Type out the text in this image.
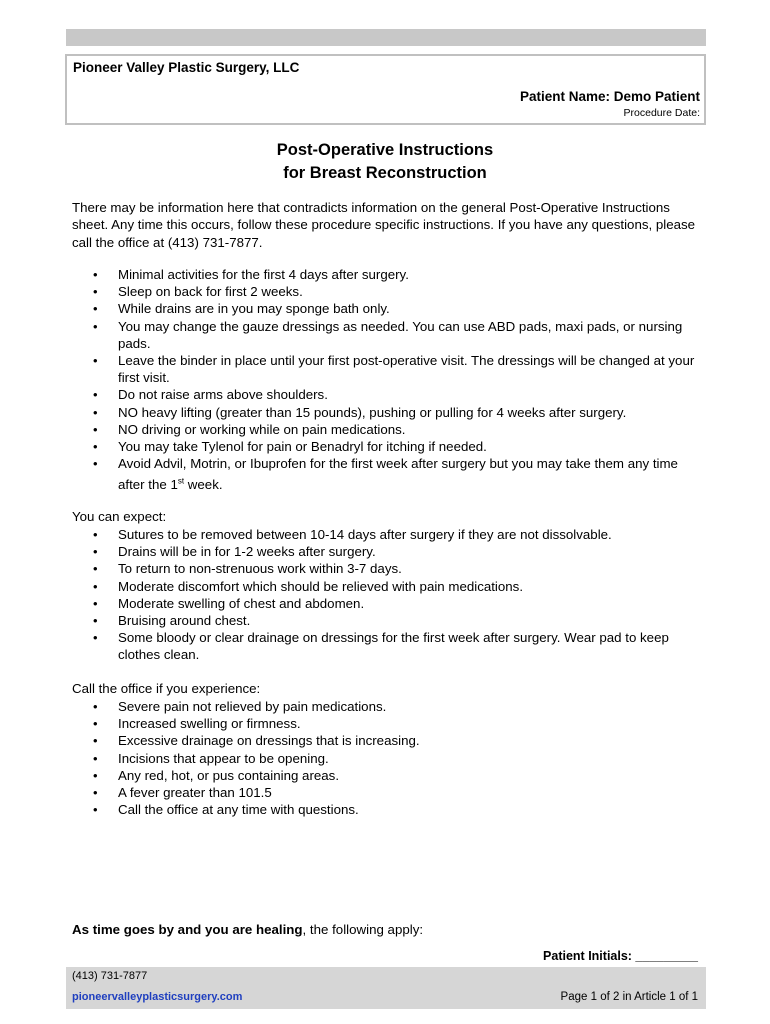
Pioneer Valley Plastic Surgery, LLC
Patient Name: Demo Patient
Procedure Date:
Post-Operative Instructions
for Breast Reconstruction
There may be information here that contradicts information on the general Post-Operative Instructions sheet. Any time this occurs, follow these procedure specific instructions. If you have any questions, please call the office at (413) 731-7877.
• Minimal activities for the first 4 days after surgery.
• Sleep on back for first 2 weeks.
• While drains are in you may sponge bath only.
• You may change the gauze dressings as needed. You can use ABD pads, maxi pads, or nursing pads.
• Leave the binder in place until your first post-operative visit. The dressings will be changed at your first visit.
• Do not raise arms above shoulders.
• NO heavy lifting (greater than 15 pounds), pushing or pulling for 4 weeks after surgery.
• NO driving or working while on pain medications.
• You may take Tylenol for pain or Benadryl for itching if needed.
• Avoid Advil, Motrin, or Ibuprofen for the first week after surgery but you may take them any time after the 1st week.
You can expect:
• Sutures to be removed between 10-14 days after surgery if they are not dissolvable.
• Drains will be in for 1-2 weeks after surgery.
• To return to non-strenuous work within 3-7 days.
• Moderate discomfort which should be relieved with pain medications.
• Moderate swelling of chest and abdomen.
• Bruising around chest.
• Some bloody or clear drainage on dressings for the first week after surgery. Wear pad to keep clothes clean.
Call the office if you experience:
• Severe pain not relieved by pain medications.
• Increased swelling or firmness.
• Excessive drainage on dressings that is increasing.
• Incisions that appear to be opening.
• Any red, hot, or pus containing areas.
• A fever greater than 101.5
• Call the office at any time with questions.
As time goes by and you are healing, the following apply:
Patient Initials: _________
(413) 731-7877
pioneervalleyplasticsurgery.com	Page 1 of 2 in Article 1 of 1
